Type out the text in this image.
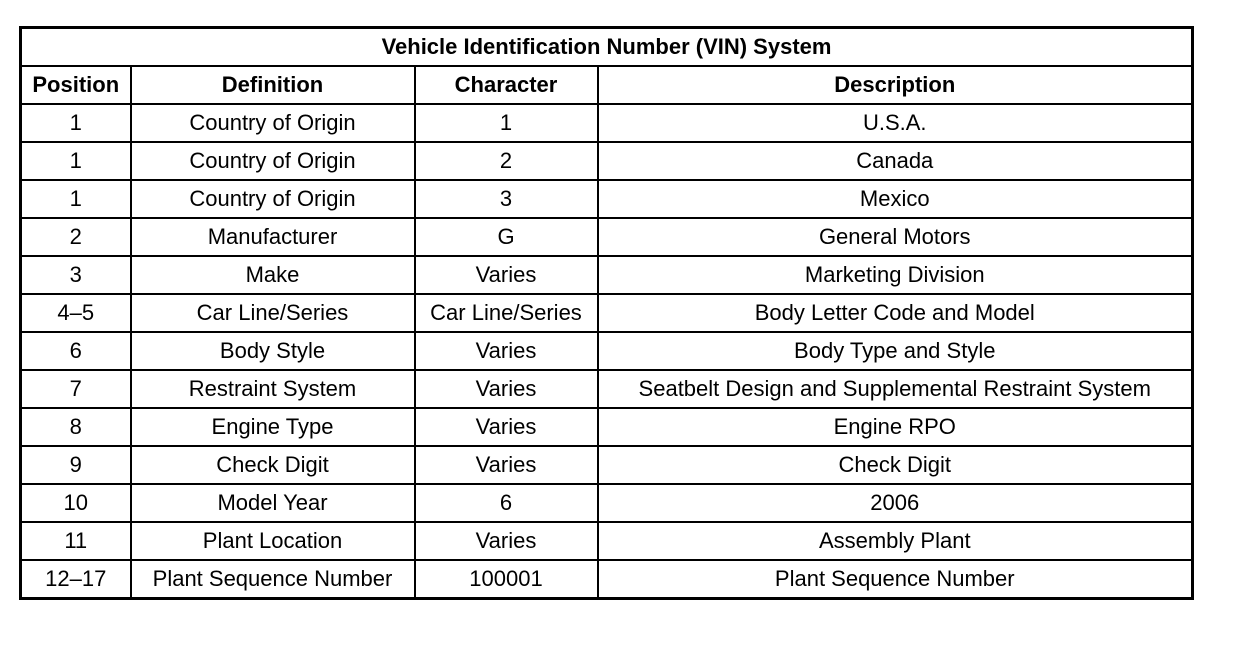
Vehicle Identification Number (VIN) System			
Position	Definition	Character	Description
1	Country of Origin	1	U.S.A.
1	Country of Origin	2	Canada
1	Country of Origin	3	Mexico
2	Manufacturer	G	General Motors
3	Make	Varies	Marketing Division
4–5	Car Line/Series	Car Line/Series	Body Letter Code and Model
6	Body Style	Varies	Body Type and Style
7	Restraint System	Varies	Seatbelt Design and Supplemental Restraint System
8	Engine Type	Varies	Engine RPO
9	Check Digit	Varies	Check Digit
10	Model Year	6	2006
11	Plant Location	Varies	Assembly Plant
12–17	Plant Sequence Number	100001	Plant Sequence Number
